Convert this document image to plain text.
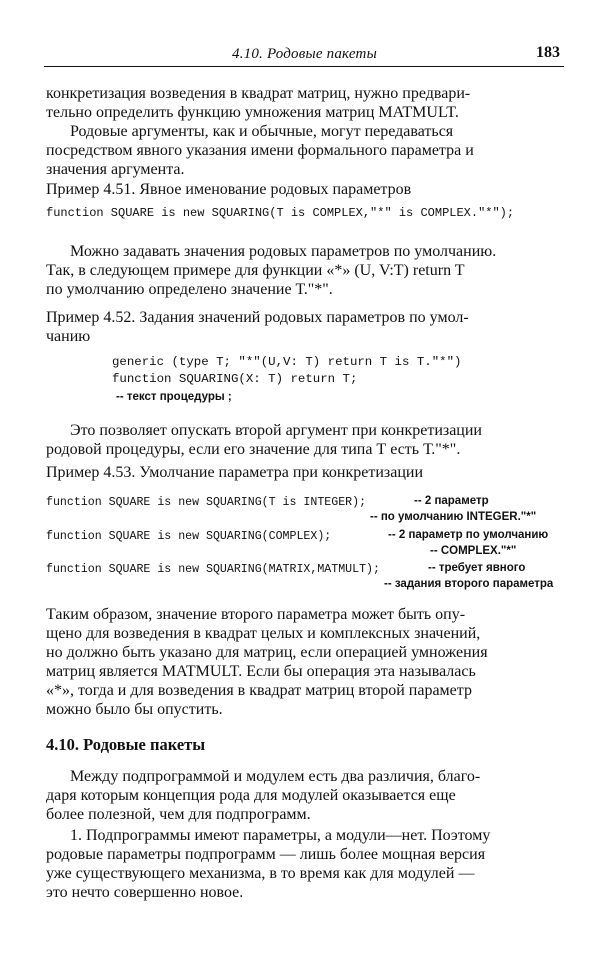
4.10. Родовые пакеты	183
конкретизация возведения в квадрат матриц, нужно предвари-
тельно определить функцию умножения матриц MATMULT.
Родовые аргументы, как и обычные, могут передаваться
посредством явного указания имени формального параметра и
значения аргумента.
Пример 4.51. Явное именование родовых параметров
function SQUARE is new SQUARING(T is COMPLEX,"*" is COMPLEX."*");
Можно задавать значения родовых параметров по умолчанию.
Так, в следующем примере для функции «*» (U, V:T) return T
по умолчанию определено значение Т."*".
Пример 4.52. Задания значений родовых параметров по умол-
чанию
generic (type T; "*"(U,V: T) return T is T."*")
function SQUARING(X: T) return T;
-- текст процедуры ;
Это позволяет опускать второй аргумент при конкретизации
родовой процедуры, если его значение для типа Т есть Т."*".
Пример 4.53. Умолчание параметра при конкретизации
function SQUARE is new SQUARING(T is INTEGER);	-- 2 параметр
-- по умолчанию INTEGER."*"
function SQUARE is new SQUARING(COMPLEX);	-- 2 параметр по умолчанию
-- COMPLEX."*"
function SQUARE is new SQUARING(MATRIX,MATMULT);	-- требует явного
-- задания второго параметра
Таким образом, значение второго параметра может быть опу-
щено для возведения в квадрат целых и комплексных значений,
но должно быть указано для матриц, если операцией умножения
матриц является MATMULT. Если бы операция эта называлась
«*», тогда и для возведения в квадрат матриц второй параметр
можно было бы опустить.
4.10. Родовые пакеты
Между подпрограммой и модулем есть два различия, благо-
даря которым концепция рода для модулей оказывается еще
более полезной, чем для подпрограмм.
1. Подпрограммы имеют параметры, а модули—нет. Поэтому
родовые параметры подпрограмм — лишь более мощная версия
уже существующего механизма, в то время как для модулей —
это нечто совершенно новое.
